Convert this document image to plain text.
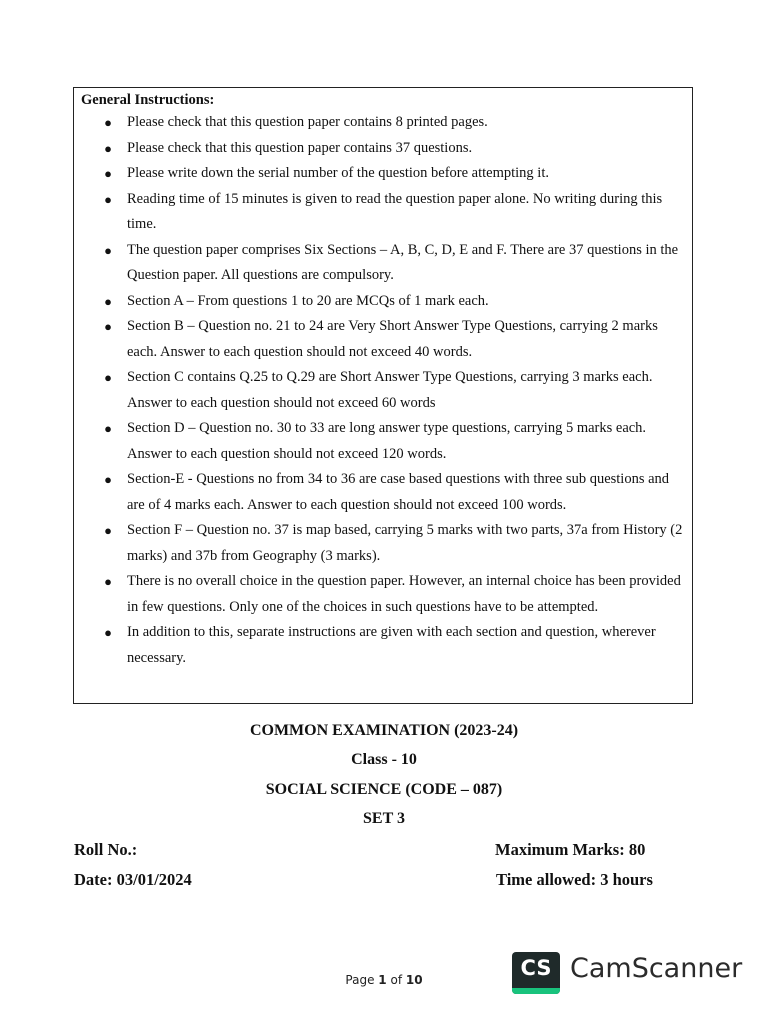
General Instructions:

● Please check that this question paper contains 8 printed pages.
● Please check that this question paper contains 37 questions.
● Please write down the serial number of the question before attempting it.
● Reading time of 15 minutes is given to read the question paper alone. No writing during this time.
● The question paper comprises Six Sections – A, B, C, D, E and F. There are 37 questions in the Question paper. All questions are compulsory.
● Section A – From questions 1 to 20 are MCQs of 1 mark each.
● Section B – Question no. 21 to 24 are Very Short Answer Type Questions, carrying 2 marks each. Answer to each question should not exceed 40 words.
● Section C contains Q.25 to Q.29 are Short Answer Type Questions, carrying 3 marks each. Answer to each question should not exceed 60 words
● Section D – Question no. 30 to 33 are long answer type questions, carrying 5 marks each. Answer to each question should not exceed 120 words.
● Section-E - Questions no from 34 to 36 are case based questions with three sub questions and are of 4 marks each. Answer to each question should not exceed 100 words.
● Section F – Question no. 37 is map based, carrying 5 marks with two parts, 37a from History (2 marks) and 37b from Geography (3 marks).
● There is no overall choice in the question paper. However, an internal choice has been provided in few questions. Only one of the choices in such questions have to be attempted.
● In addition to this, separate instructions are given with each section and question, wherever necessary.
COMMON EXAMINATION (2023-24)
Class - 10
SOCIAL SCIENCE (CODE – 087)
SET 3
Roll No.:	Maximum Marks: 80
Date: 03/01/2024	Time allowed: 3 hours
Page 1 of 10	CS CamScanner
